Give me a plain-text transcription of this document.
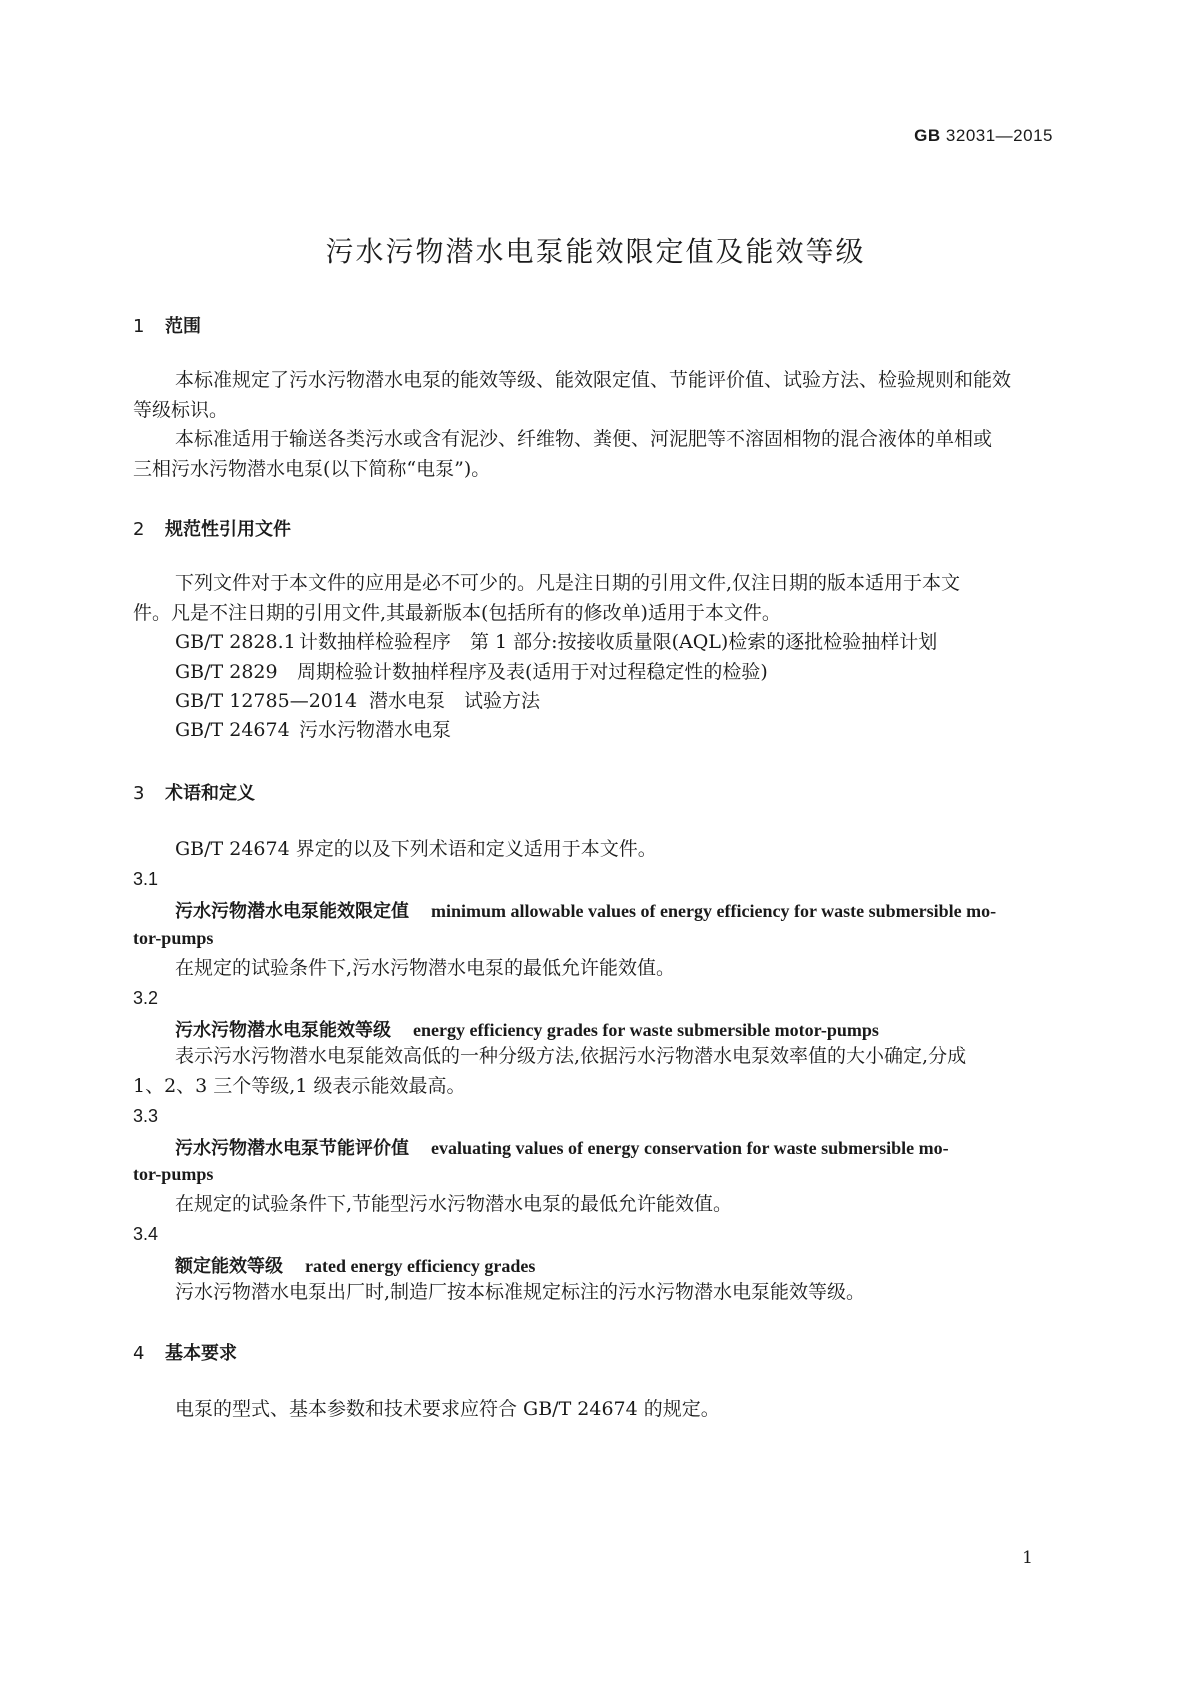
GB 32031—2015
污水污物潜水电泵能效限定值及能效等级
1 范围
本标准规定了污水污物潜水电泵的能效等级、能效限定值、节能评价值、试验方法、检验规则和能效
等级标识。
本标准适用于输送各类污水或含有泥沙、纤维物、粪便、河泥肥等不溶固相物的混合液体的单相或
三相污水污物潜水电泵(以下简称“电泵”)。
2 规范性引用文件
下列文件对于本文件的应用是必不可少的。凡是注日期的引用文件,仅注日期的版本适用于本文
件。凡是不注日期的引用文件,其最新版本(包括所有的修改单)适用于本文件。
GB/T 2828.1 计数抽样检验程序　第 1 部分:按接收质量限(AQL)检索的逐批检验抽样计划
GB/T 2829 周期检验计数抽样程序及表(适用于对过程稳定性的检验)
GB/T 12785—2014 潜水电泵　试验方法
GB/T 24674 污水污物潜水电泵
3 术语和定义
GB/T 24674 界定的以及下列术语和定义适用于本文件。
3.1
污水污物潜水电泵能效限定值 minimum allowable values of energy efficiency for waste submersible mo-
tor-pumps
在规定的试验条件下,污水污物潜水电泵的最低允许能效值。
3.2
污水污物潜水电泵能效等级 energy efficiency grades for waste submersible motor-pumps
表示污水污物潜水电泵能效高低的一种分级方法,依据污水污物潜水电泵效率值的大小确定,分成
1、2、3 三个等级,1 级表示能效最高。
3.3
污水污物潜水电泵节能评价值 evaluating values of energy conservation for waste submersible mo-
tor-pumps
在规定的试验条件下,节能型污水污物潜水电泵的最低允许能效值。
3.4
额定能效等级 rated energy efficiency grades
污水污物潜水电泵出厂时,制造厂按本标准规定标注的污水污物潜水电泵能效等级。
4 基本要求
电泵的型式、基本参数和技术要求应符合 GB/T 24674 的规定。
1
